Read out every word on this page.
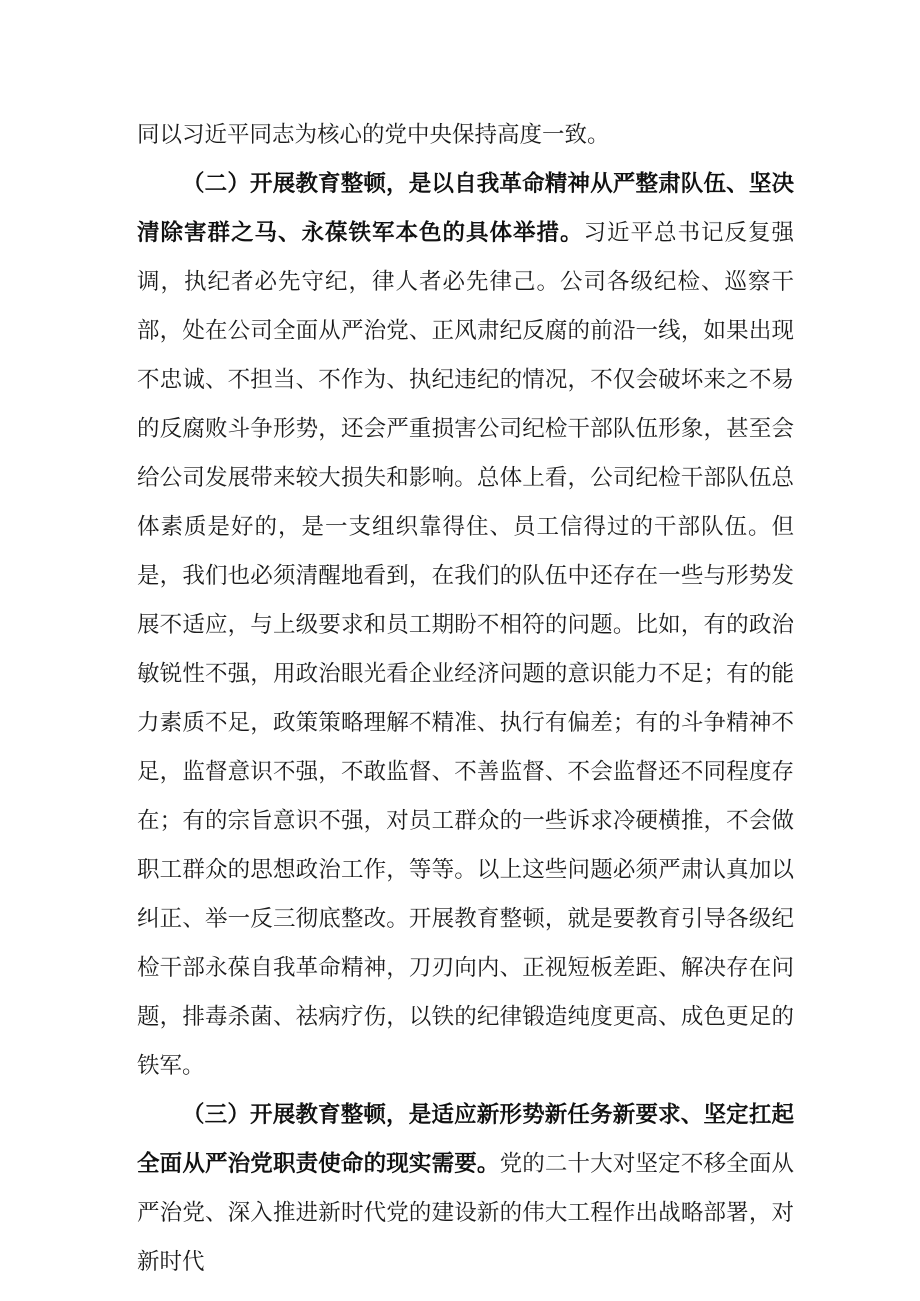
同以习近平同志为核心的党中央保持高度一致。

（二）开展教育整顿，是以自我革命精神从严整肃队伍、坚决清除害群之马、永葆铁军本色的具体举措。习近平总书记反复强调，执纪者必先守纪，律人者必先律己。公司各级纪检、巡察干部，处在公司全面从严治党、正风肃纪反腐的前沿一线，如果出现不忠诚、不担当、不作为、执纪违纪的情况，不仅会破坏来之不易的反腐败斗争形势，还会严重损害公司纪检干部队伍形象，甚至会给公司发展带来较大损失和影响。总体上看，公司纪检干部队伍总体素质是好的，是一支组织靠得住、员工信得过的干部队伍。但是，我们也必须清醒地看到，在我们的队伍中还存在一些与形势发展不适应，与上级要求和员工期盼不相符的问题。比如，有的政治敏锐性不强，用政治眼光看企业经济问题的意识能力不足；有的能力素质不足，政策策略理解不精准、执行有偏差；有的斗争精神不足，监督意识不强，不敢监督、不善监督、不会监督还不同程度存在；有的宗旨意识不强，对员工群众的一些诉求冷硬横推，不会做职工群众的思想政治工作，等等。以上这些问题必须严肃认真加以纠正、举一反三彻底整改。开展教育整顿，就是要教育引导各级纪检干部永葆自我革命精神，刀刃向内、正视短板差距、解决存在问题，排毒杀菌、祛病疗伤，以铁的纪律锻造纯度更高、成色更足的铁军。

（三）开展教育整顿，是适应新形势新任务新要求、坚定扛起全面从严治党职责使命的现实需要。党的二十大对坚定不移全面从严治党、深入推进新时代党的建设新的伟大工程作出战略部署，对新时代
